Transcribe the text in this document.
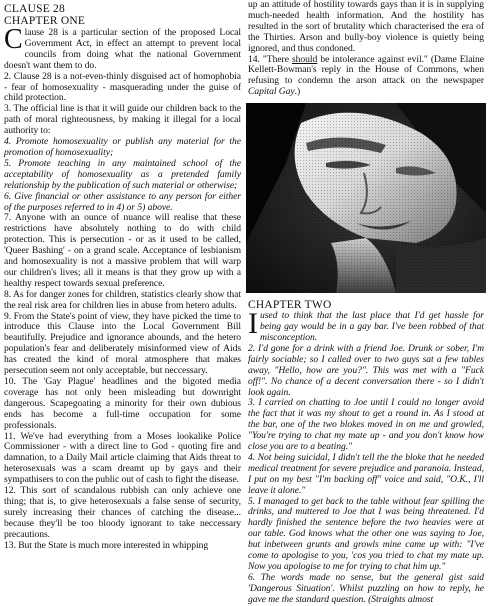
CLAUSE 28
CHAPTER ONE

Clause 28 is a particular section of the proposed Local Government Act, in effect an attempt to prevent local councils from doing what the national Government doesn't want them to do.

2. Clause 28 is a not-even-thinly disguised act of homophobia - fear of homosexuality - masquerading under the guise of child protection.

3. The official line is that it will guide our children back to the path of moral righteousness, by making it illegal for a local authority to:

4. Promote homosexuality or publish any material for the promotion of homosexuality;

5. Promote teaching in any maintained school of the acceptability of homosexuality as a pretended family relationship by the publication of such material or otherwise;

6. Give financial or other assistance to any person for either of the purposes referred to in 4) or 5) above.

7. Anyone with an ounce of nuance will realise that these restrictions have absolutely nothing to do with child protection. This is persecution - or as it used to be called, 'Queer Bashing' - on a grand scale. Acceptance of lesbianism and homosexuality is not a massive problem that will warp our children's lives; all it means is that they grow up with a healthy respect towards sexual preference.

8. As for danger zones for children, statistics clearly show that the real risk area for children lies in abuse from hetero adults.

9. From the State's point of view, they have picked the time to introduce this Clause into the Local Government Bill beautifully. Prejudice and ignorance abounds, and the hetero population's fear and deliberately misinformed view of Aids has created the kind of moral atmosphere that makes persecution seem not only acceptable, but neccessary.

10. The 'Gay Plague' headlines and the bigoted media coverage has not only been misleading but downright dangerous. Scapegoating a minority for their own dubious ends has become a full-time occupation for some professionals.

11. We've had everything from a Moses lookalike Police Commissioner - with a direct line to God - quoting fire and damnation, to a Daily Mail article claiming that Aids threat to heterosexuals was a scam dreamt up by gays and their sympathisers to con the public out of cash to fight the disease.

12. This sort of scandalous rubbish can only achieve one thing; that is, to give heterosexuals a false sense of security, surely increasing their chances of catching the disease... because they'll be too bloody ignorant to take neccessary precautions.

13. But the State is much more interested in whipping

up an attitude of hostility towards gays than it is in supplying much-needed health information. And the hostility has resulted in the sort of brutality which characterised the era of the Thirties. Arson and bully-boy violence is quietly being ignored, and thus condoned.

14. "There should be intolerance against evil." (Dame Elaine Kellett-Bowman's reply in the House of Commons, when refusing to condemn the arson attack on the newspaper Capital Gay.)

CHAPTER TWO

Iused to think that the last place that I'd get hassle for being gay would be in a gay bar. I've been robbed of that misconception.

2. I'd gone for a drink with a friend Joe. Drunk or sober, I'm fairly sociable; so I called over to two guys sat a few tables away, "Hello, how are you?". This was met with a "Fuck off!". No chance of a decent conversation there - so I didn't look again.

3. I carried on chatting to Joe until I could no longer avoid the fact that it was my shout to get a round in. As I stood at the bar, one of the two blokes moved in on me and growled, "You're trying to chat my mate up - and you don't know how close you are to a beating."

4. Not being suicidal, I didn't tell the the bloke that he needed medical treatment for severe prejudice and paranoia. Instead, I put on my best "I'm backing off" voice and said, "O.K., I'll leave it alone."

5. I managed to get back to the table without fear spilling the drinks, and muttered to Joe that I was being threatened. I'd hardly finished the sentence before the two heavies were at our table. God knows what the other one was saying to Joe, but inbetween grunts and growls mine came up with: "I've come to apologise to you, 'cos you tried to chat my mate up. Now you apologise to me for trying to chat him up."

6. The words made no sense, but the general gist said 'Dangerous Situation'. Whilst puzzling on how to reply, he gave me the standard question. (Straights almost
